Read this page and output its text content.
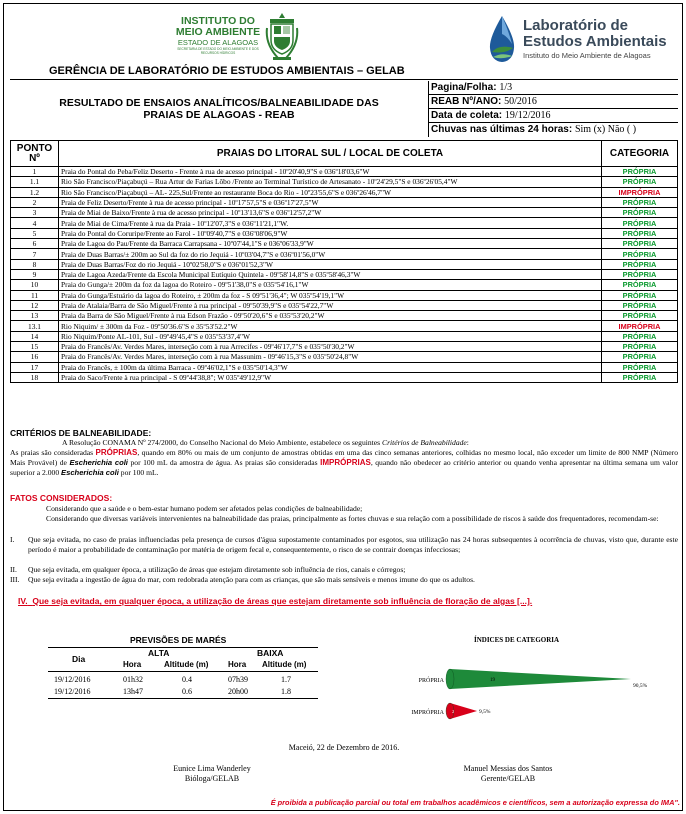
INSTITUTO DO
MEIO AMBIENTE
ESTADO DE ALAGOAS
SECRETARIA DE ESTADO DO MEIO AMBIENTE E DOS RECURSOS HÍDRICOS
Laboratório de
Estudos Ambientais
Instituto do Meio Ambiente de Alagoas
GERÊNCIA DE LABORATÓRIO DE ESTUDOS AMBIENTAIS – GELAB
RESULTADO DE ENSAIOS ANALÍTICOS/BALNEABILIDADE DAS
PRAIAS DE ALAGOAS - REAB
Pagina/Folha: 1/3
REAB Nº/ANO: 50/2016
Data de coleta: 19/12/2016
Chuvas nas últimas 24 horas: Sim (x) Não ( )
PONTO
Nº	PRAIAS DO LITORAL SUL / LOCAL DE COLETA	CATEGORIA
1	Praia do Pontal do Peba/Feliz Deserto - Frente à rua de acesso principal - 10º20'40,9"S e 036º18'03,6"W	PRÓPRIA
1.1	Rio São Francisco/Piaçabuçú – Rua Artur de Farias Lôbo /Frente ao Terminal Turístico de Artesanato - 10º24'29,5"S e 036º26'05,4"W	PRÓPRIA
1.2	Rio São Francisco/Piaçabuçú – AL- 225,Sul/Frente ao restaurante Boca do Rio - 10º23'55,6"S e 036º26'46,7"W	IMPRÓPRIA
2	Praia de Feliz Deserto/Frente à rua de acesso principal - 10º17'57,5"S e 036º17'27,5"W	PRÓPRIA
3	Praia de Miai de Baixo/Frente à rua de acesso principal - 10º13'13,6"S e 036º12'57,2"W	PRÓPRIA
4	Praia de Miai de Cima/Frente à rua da Praia - 10º12'07,3"S e 036º11'21,1"W.	PRÓPRIA
5	Praia do Pontal do Coruripe/Frente ao Farol - 10º09'40,7"S e 036º08'06,9"W	PRÓPRIA
6	Praia de Lagoa do Pau/Frente da Barraca Carrapsana - 10º07'44,1"S e 036º06'33,9"W	PRÓPRIA
7	Praia de Duas Barras/± 200m ao Sul da foz do rio Jequiá - 10º03'04,7"S e 036º01'56,0"W	PRÓPRIA
8	Praia de Duas Barras/Foz do rio Jequiá - 10º02'58,0"S e 036º01'52,3"W	PRÓPRIA
9	Praia de Lagoa Azeda/Frente da Escola Municipal Eutíquio Quintela - 09º58'14,8"S e 035º58'46,3"W	PRÓPRIA
10	Praia do Gunga/± 200m da foz da lagoa do Roteiro - 09º51'38,0"S e 035º54'16,1"W	PRÓPRIA
11	Praia do Gunga/Estuário da lagoa do Roteiro, ± 200m da foz - S 09º51'36,4"; W 035º54'19,1"W	PRÓPRIA
12	Praia de Atalaia/Barra de São Miguel/Frente à rua principal - 09º50'39,9"S e 035º54'22,7"W	PRÓPRIA
13	Praia da Barra de São Miguel/Frente à rua Edson Frazão - 09º50'20,6"S e 035º53'20,2"W	PRÓPRIA
13.1	Rio Niquim/ ± 300m da Foz - 09º50'36.6"S e 35º53'52.2"W	IMPRÓPRIA
14	Rio Niquim/Ponte AL-101, Sul - 09º49'45,4"S e 035º53'37,4"W	PRÓPRIA
15	Praia do Francês/Av. Verdes Mares, interseção com à rua Arrecifes - 09º46'17,7"S e 035º50'30,2"W	PRÓPRIA
16	Praia do Francês/Av. Verdes Mares, interseção com à rua Massunim - 09º46'15,3"S e 035º50'24,8"W	PRÓPRIA
17	Praia do Francês, ± 100m da última Barraca - 09º46'02,1"S e 035º50'14,3"W	PRÓPRIA
18	Praia do Saco/Frente à rua principal - S 09º44'38,8"; W 035º49'12,9"W	PRÓPRIA
CRITÉRIOS DE BALNEABILIDADE:
A Resolução CONAMA Nº 274/2000, do Conselho Nacional do Meio Ambiente, estabelece os seguintes Critérios de Balneabilidade:
As praias são consideradas PRÓPRIAS, quando em 80% ou mais de um conjunto de amostras obtidas em uma das cinco semanas anteriores, colhidas no mesmo local, não exceder um limite de 800 NMP (Número Mais Provável) de Escherichia coli por 100 mL da amostra de água. As praias são consideradas IMPRÓPRIAS, quando não obedecer ao critério anterior ou quando venha apresentar na última semana um valor superior a 2.000 Escherichia coli por 100 mL.
FATOS CONSIDERADOS:
Considerando que a saúde e o bem-estar humano podem ser afetados pelas condições de balneabilidade;
Considerando que diversas variáveis intervenientes na balneabilidade das praias, principalmente as fortes chuvas e sua relação com a possibilidade de riscos à saúde dos frequentadores, recomendam-se:
I. Que seja evitada, no caso de praias influenciadas pela presença de cursos d'água supostamente contaminados por esgotos, sua utilização nas 24 horas subsequentes à ocorrência de chuvas, visto que, durante este período é maior a probabilidade de contaminação por matéria de origem fecal e, consequentemente, o risco de se contrair doenças infecciosas;
II. Que seja evitada, em qualquer época, a utilização de áreas que estejam diretamente sob influência de rios, canais e córregos;
III. Que seja evitada a ingestão de água do mar, com redobrada atenção para com as crianças, que são mais sensíveis e menos imune do que os adultos.
IV. Que seja evitada, em qualquer época, a utilização de áreas que estejam diretamente sob influência de floração de algas [...].
PREVISÕES DE MARÉS
ALTA	BAIXA
Dia
Hora	Altitude (m) Hora Altitude (m)
19/12/2016	01h32	0.4	07h39	1.7
19/12/2016	13h47	0.6	20h00	1.8
ÍNDICES DE CATEGORIA
PRÓPRIA	19
90,5%
IMPRÓPRIA 2	9,5%
Maceió, 22 de Dezembro de 2016.
Eunice Lima Wanderley
Bióloga/GELAB
Manuel Messias dos Santos
Gerente/GELAB
É proibida a publicação parcial ou total em trabalhos acadêmicos e científicos, sem a autorização expressa do IMA".
